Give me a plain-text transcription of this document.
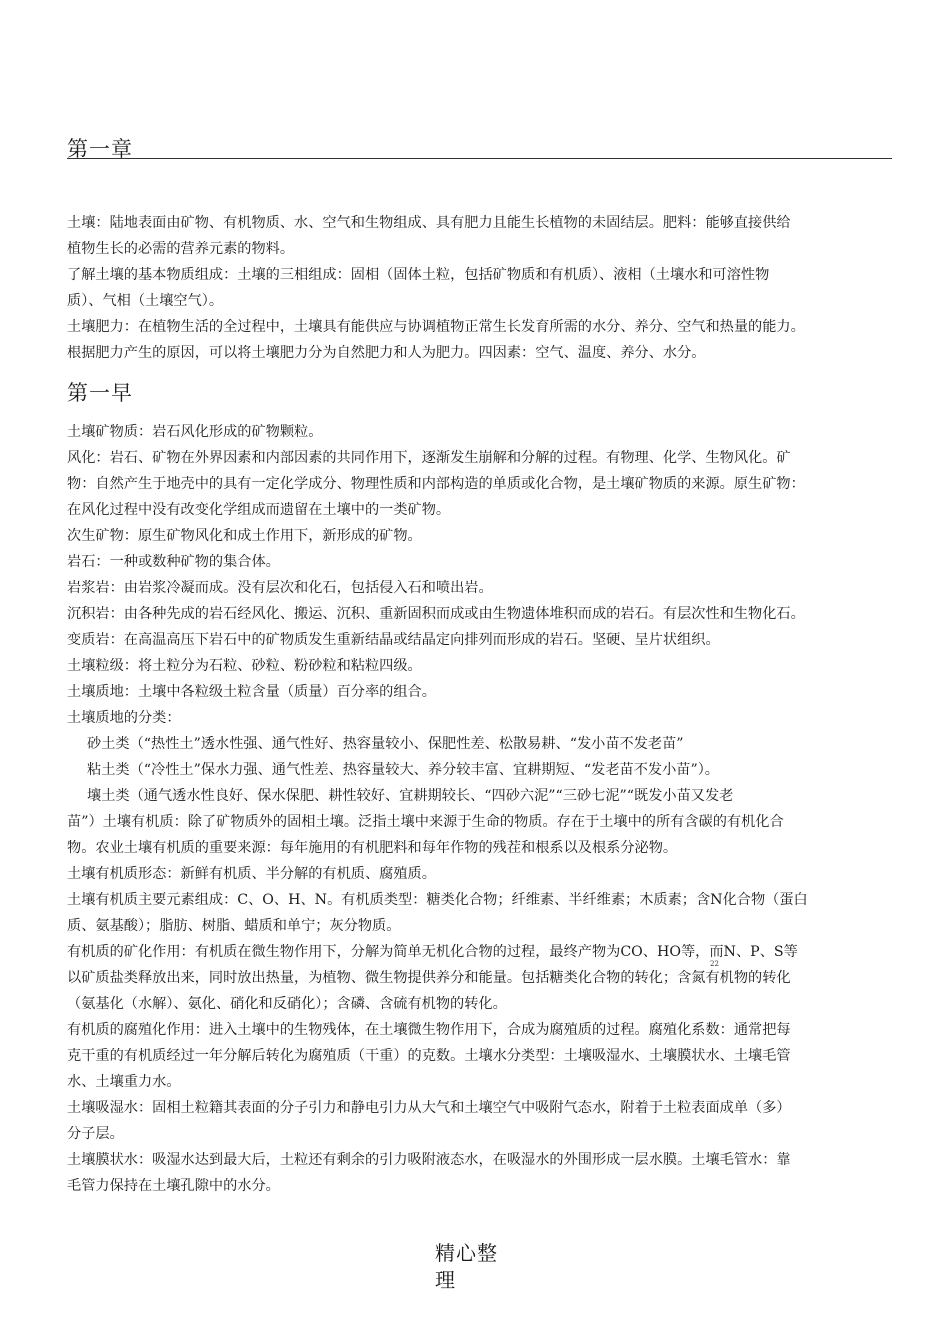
第一章

土壤：陆地表面由矿物、有机物质、水、空气和生物组成、具有肥力且能生长植物的未固结层。肥料：能够直接供给

植物生长的必需的营养元素的物料。

了解土壤的基本物质组成：土壤的三相组成：固相（固体土粒，包括矿物质和有机质）、液相（土壤水和可溶性物

质）、气相（土壤空气）。

土壤肥力：在植物生活的全过程中，土壤具有能供应与协调植物正常生长发育所需的水分、养分、空气和热量的能力。

根据肥力产生的原因，可以将土壤肥力分为自然肥力和人为肥力。四因素：空气、温度、养分、水分。

第一早

土壤矿物质：岩石风化形成的矿物颗粒。

风化：岩石、矿物在外界因素和内部因素的共同作用下，逐渐发生崩解和分解的过程。有物理、化学、生物风化。矿

物：自然产生于地壳中的具有一定化学成分、物理性质和内部构造的单质或化合物，是土壤矿物质的来源。原生矿物：

在风化过程中没有改变化学组成而遗留在土壤中的一类矿物。

次生矿物：原生矿物风化和成土作用下，新形成的矿物。

岩石：一种或数种矿物的集合体。

岩浆岩：由岩浆冷凝而成。没有层次和化石，包括侵入石和喷出岩。

沉积岩：由各种先成的岩石经风化、搬运、沉积、重新固积而成或由生物遗体堆积而成的岩石。有层次性和生物化石。

变质岩：在高温高压下岩石中的矿物质发生重新结晶或结晶定向排列而形成的岩石。坚硬、呈片状组织。

土壤粒级：将土粒分为石粒、砂粒、粉砂粒和粘粒四级。

土壤质地：土壤中各粒级土粒含量（质量）百分率的组合。

土壤质地的分类：

砂土类（“热性土”透水性强、通气性好、热容量较小、保肥性差、松散易耕、“发小苗不发老苗”

粘土类（“冷性土”保水力强、通气性差、热容量较大、养分较丰富、宜耕期短、“发老苗不发小苗”）。

壤土类（通气透水性良好、保水保肥、耕性较好、宜耕期较长、“四砂六泥”“三砂七泥”“既发小苗又发老

苗”）土壤有机质：除了矿物质外的固相土壤。泛指土壤中来源于生命的物质。存在于土壤中的所有含碳的有机化合

物。农业土壤有机质的重要来源：每年施用的有机肥料和每年作物的残茬和根系以及根系分泌物。

土壤有机质形态：新鲜有机质、半分解的有机质、腐殖质。

土壤有机质主要元素组成：C、O、H、N。有机质类型：糖类化合物；纤维素、半纤维素；木质素；含N化合物（蛋白

质、氨基酸）；脂肪、树脂、蜡质和单宁；灰分物质。

有机质的矿化作用：有机质在微生物作用下，分解为简单无机化合物的过程，最终产物为CO、HO等，而N、P、S等

以矿质盐类释放出来，同时放出热量，为植物、微生物提供养分和能量。包括糖类化合物的转化；含氮有机物的转化

（氨基化（水解）、氨化、硝化和反硝化）；含磷、含硫有机物的转化。

有机质的腐殖化作用：进入土壤中的生物残体，在土壤微生物作用下，合成为腐殖质的过程。腐殖化系数：通常把每

克干重的有机质经过一年分解后转化为腐殖质（干重）的克数。土壤水分类型：土壤吸湿水、土壤膜状水、土壤毛管

水、土壤重力水。

土壤吸湿水：固相土粒籍其表面的分子引力和静电引力从大气和土壤空气中吸附气态水，附着于土粒表面成单（多）

分子层。

土壤膜状水：吸湿水达到最大后，土粒还有剩余的引力吸附液态水，在吸湿水的外围形成一层水膜。土壤毛管水：靠

毛管力保持在土壤孔隙中的水分。

22
精心整
理
